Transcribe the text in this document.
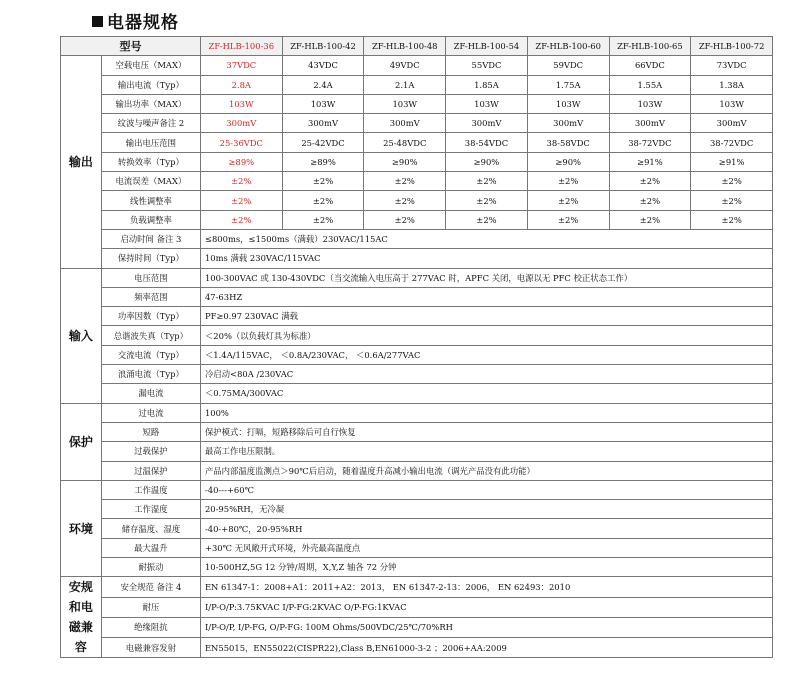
电器规格
型号		ZF-HLB-100-36	ZF-HLB-100-42	ZF-HLB-100-48	ZF-HLB-100-54	ZF-HLB-100-60	ZF-HLB-100-65	ZF-HLB-100-72
输出	空载电压（MAX）	37VDC	43VDC	49VDC	55VDC	59VDC	66VDC	73VDC
	输出电流（Typ）	2.8A	2.4A	2.1A	1.85A	1.75A	1.55A	1.38A
	输出功率（MAX）	103W	103W	103W	103W	103W	103W	103W
	纹波与噪声备注 2	300mV	300mV	300mV	300mV	300mV	300mV	300mV
	输出电压范围	25-36VDC	25-42VDC	25-48VDC	38-54VDC	38-58VDC	38-72VDC	38-72VDC
	转换效率（Typ）	≥89%	≥89%	≥90%	≥90%	≥90%	≥91%	≥91%
	电流误差（MAX）	±2%	±2%	±2%	±2%	±2%	±2%	±2%
	线性调整率	±2%	±2%	±2%	±2%	±2%	±2%	±2%
	负载调整率	±2%	±2%	±2%	±2%	±2%	±2%	±2%
	启动时间 备注 3	≤800ms，≤1500ms（满载）230VAC/115AC						
	保持时间（Typ）	10ms 满载 230VAC/115VAC						
输入	电压范围	100-300VAC 或 130-430VDC（当交流输入电压高于 277VAC 时，APFC 关闭，电源以无 PFC 校正状态工作）						
	频率范围	47-63HZ						
	功率因数（Typ）	PF≥0.97 230VAC 满载						
	总谐波失真（Typ）	＜20%（以负载灯具为标准）						
	交流电流（Typ）	＜1.4A/115VAC， ＜0.8A/230VAC， ＜0.6A/277VAC						
	浪涌电流（Typ）	冷启动<80A /230VAC						
	漏电流	＜0.75MA/300VAC						
保护	过电流	100%						
	短路	保护模式：打嗝，短路移除后可自行恢复						
	过载保护	最高工作电压限制。						
	过温保护	产品内部温度监测点＞90℃后启动，随着温度升高减小输出电流（调光产品没有此功能）						
环境	工作温度	-40---+60℃						
	工作湿度	20-95%RH，无冷凝						
	储存温度、湿度	-40-+80℃，20-95%RH						
	最大温升	+30℃ 无风敞开式环境，外壳最高温度点						
	耐振动	10-500HZ,5G 12 分钟/周期，X,Y,Z 轴各 72 分钟						
安规和电磁兼容	安全规范 备注 4	EN 61347-1：2008+A1：2011+A2：2013， EN 61347-2-13：2006， EN 62493：2010						
	耐压	I/P-O/P:3.75KVAC I/P-FG:2KVAC O/P-FG:1KVAC						
	绝缘阻抗	I/P-O/P, I/P-FG, O/P-FG: 100M Ohms/500VDC/25℃/70%RH						
	电磁兼容发射	EN55015，EN55022(CISPR22),Class B,EN61000-3-2 ；2006+AA:2009						
